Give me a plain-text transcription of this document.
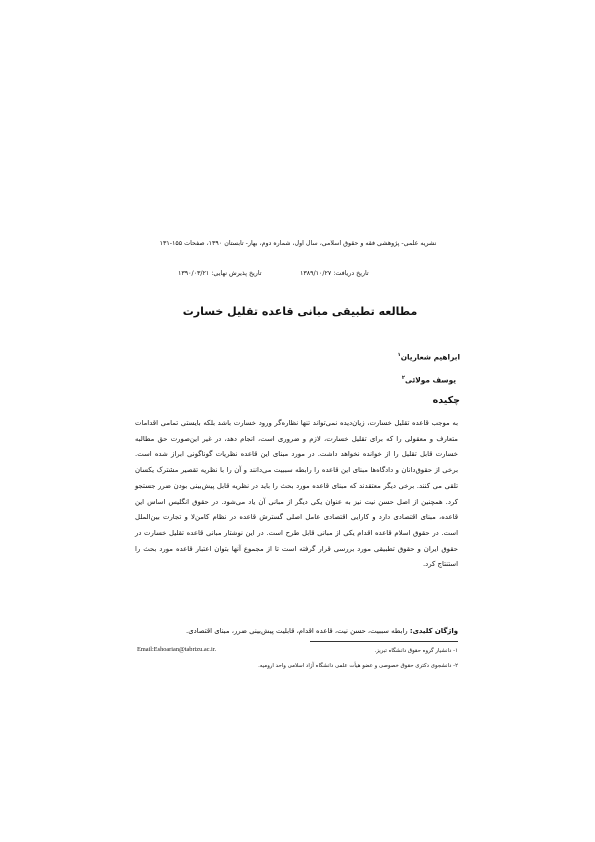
نشریه علمی- پژوهشی فقه و حقوق اسلامی، سال اول، شماره دوم، بهار- تابستان ۱۳۹۰، صفحات ۱۵۵-۱۳۱
تاریخ دریافت: ۱۳۸۹/۱۰/۲۷
تاریخ پذیرش نهایی: ۱۳۹۰/۰۳/۲۱
مطالعه تطبیقی مبانی قاعده تقلیل خسارت
ابراهیم شعاریان$^۱$
یوسف مولائی$^۲$
چکیده
به موجب قاعده تقلیل خسارت، زیان‌دیده نمی‌تواند تنها نظاره‌گر ورود خسارت باشد بلکه بایستی تمامی اقدامات متعارف و معقولی را که برای تقلیل خسارت، لازم و ضروری است، انجام دهد، در غیر این‌صورت حق مطالبه خسارت قابل تقلیل را از خوانده نخواهد داشت. در مورد مبنای این قاعده نظریات گوناگونی ابراز شده است. برخی از حقوق‌دانان و دادگاه‌ها مبنای این قاعده را رابطه سببیت می‌دانند و آن را با نظریه تقصیر مشترک یکسان تلقی می کنند. برخی دیگر معتقدند که مبنای قاعده مورد بحث را باید در نظریه قابل پیش‌بینی بودن ضرر جستجو کرد. همچنین از اصل حسن نیت نیز به عنوان یکی دیگر از مبانی آن یاد می‌شود. در حقوق انگلیس اساس این قاعده، مبنای اقتصادی دارد و کارایی اقتصادی عامل اصلی گسترش قاعده در نظام کامن‌لا و تجارت بین‌الملل است. در حقوق اسلام قاعده اقدام یکی از مبانی قابل طرح است. در این نوشتار مبانی قاعده تقلیل خسارت در حقوق ایران و حقوق تطبیقی مورد بررسی قرار گرفته است تا از مجموع آنها بتوان اعتبار قاعده مورد بحث را استنتاج کرد.
واژگان کلیدی: رابطه سببیت، حسن نیت، قاعده اقدام، قابلیت پیش‌بینی ضرر، مبنای اقتصادی.
۱- دانشیار گروه حقوق دانشگاه تبریز.
Email:Eshoarian@tabrizu.ac.ir.
۲- دانشجوی دکتری حقوق خصوصی و عضو هیأت علمی دانشگاه آزاد اسلامی واحد ارومیه.
